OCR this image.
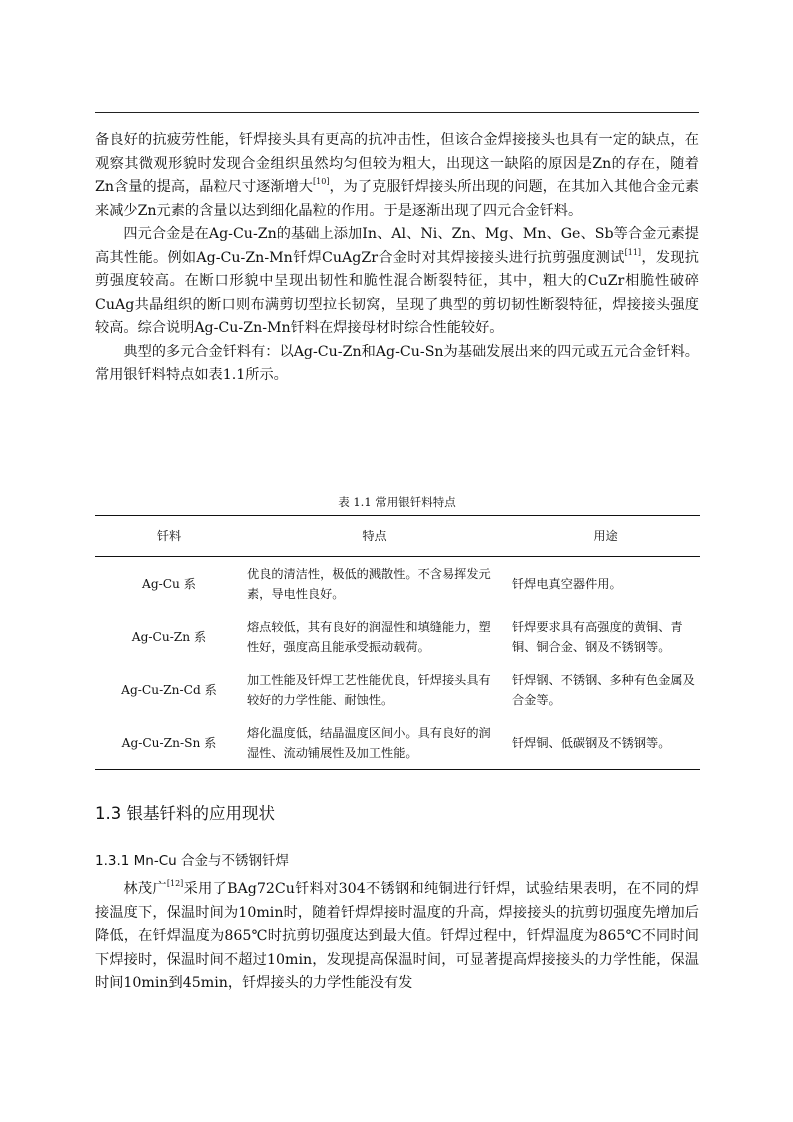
备良好的抗疲劳性能，钎焊接头具有更高的抗冲击性，但该合金焊接接头也具有一定的缺点，在观察其微观形貌时发现合金组织虽然均匀但较为粗大，出现这一缺陷的原因是Zn的存在，随着Zn含量的提高，晶粒尺寸逐渐增大[10]，为了克服钎焊接头所出现的问题，在其加入其他合金元素来减少Zn元素的含量以达到细化晶粒的作用。于是逐渐出现了四元合金钎料。

四元合金是在Ag-Cu-Zn的基础上添加In、Al、Ni、Zn、Mg、Mn、Ge、Sb等合金元素提高其性能。例如Ag-Cu-Zn-Mn钎焊CuAgZr合金时对其焊接接头进行抗剪强度测试[11]，发现抗剪强度较高。在断口形貌中呈现出韧性和脆性混合断裂特征，其中，粗大的CuZr相脆性破碎CuAg共晶组织的断口则布满剪切型拉长韧窝，呈现了典型的剪切韧性断裂特征，焊接接头强度较高。综合说明Ag-Cu-Zn-Mn钎料在焊接母材时综合性能较好。

典型的多元合金钎料有：以Ag-Cu-Zn和Ag-Cu-Sn为基础发展出来的四元或五元合金钎料。常用银钎料特点如表1.1所示。

表 1.1 常用银钎料特点
钎料	特点	用途
Ag-Cu 系	优良的清洁性，极低的溅散性。不含易挥发元素，导电性良好。	钎焊电真空器件用。
Ag-Cu-Zn 系	熔点较低，其有良好的润湿性和填缝能力，塑性好，强度高且能承受振动载荷。	钎焊要求具有高强度的黄铜、青铜、铜合金、钢及不锈钢等。
Ag-Cu-Zn-Cd 系	加工性能及钎焊工艺性能优良，钎焊接头具有较好的力学性能、耐蚀性。	钎焊钢、不锈钢、多种有色金属及合金等。
Ag-Cu-Zn-Sn 系	熔化温度低，结晶温度区间小。具有良好的润湿性、流动铺展性及加工性能。	钎焊铜、低碳钢及不锈钢等。
1.3 银基钎料的应用现状
1.3.1 Mn-Cu 合金与不锈钢钎焊

林茂广[12]采用了BAg72Cu钎料对304不锈钢和纯铜进行钎焊，试验结果表明，在不同的焊接温度下，保温时间为10min时，随着钎焊焊接时温度的升高，焊接接头的抗剪切强度先增加后降低，在钎焊温度为865℃时抗剪切强度达到最大值。钎焊过程中，钎焊温度为865℃不同时间下焊接时，保温时间不超过10min，发现提高保温时间，可显著提高焊接接头的力学性能，保温时间10min到45min，钎焊接头的力学性能没有发
